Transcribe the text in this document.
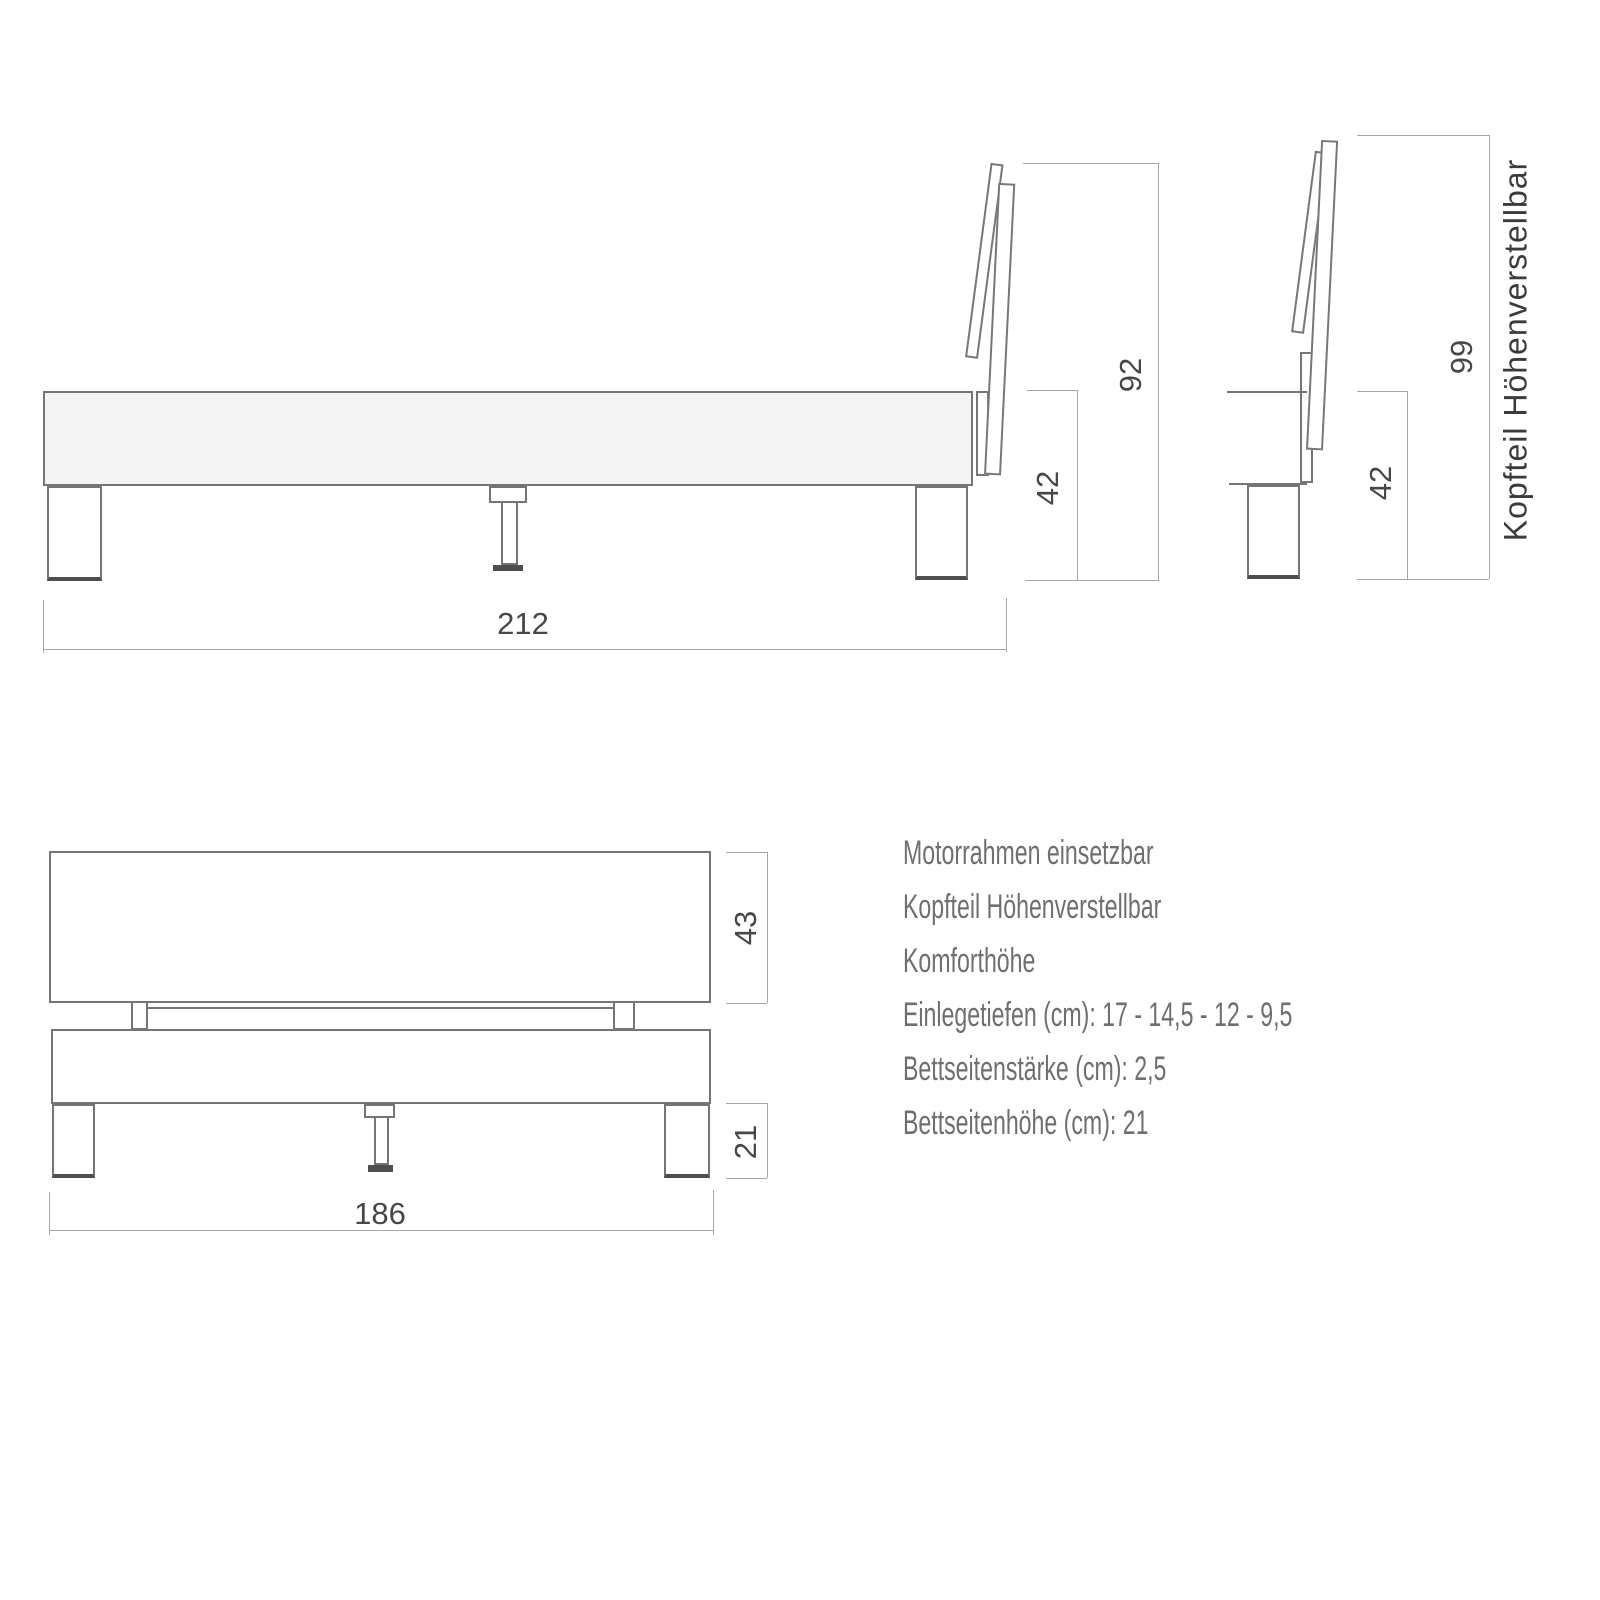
42
92
212
42
99 Kopfteil Höhenverstellbar
43
21
186
Motorrahmen einsetzbar
Kopfteil Höhenverstellbar
Komforthöhe
Einlegetiefen (cm): 17 - 14,5 - 12 - 9,5
Bettseitenstärke (cm): 2,5
Bettseitenhöhe (cm): 21
